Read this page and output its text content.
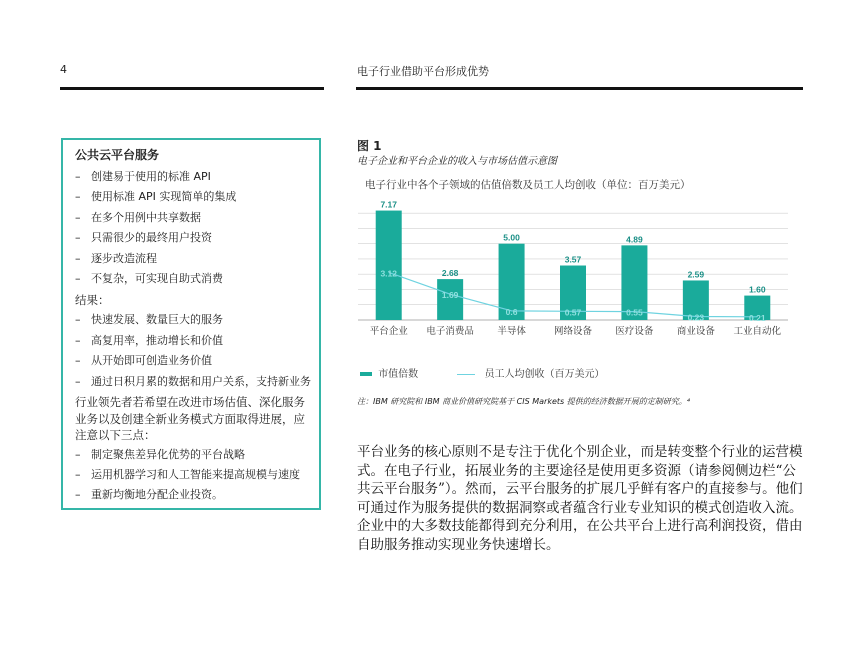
4	电子行业借助平台形成优势
公共云平台服务
– 创建易于使用的标准 API
– 使用标准 API 实现简单的集成
– 在多个用例中共享数据
– 只需很少的最终用户投资
– 逐步改造流程
– 不复杂，可实现自助式消费
结果：
– 快速发展、数量巨大的服务
– 高复用率，推动增长和价值
– 从开始即可创造业务价值
– 通过日积月累的数据和用户关系，支持新业务
行业领先者若希望在改进市场估值、深化服务业务以及创建全新业务模式方面取得进展，应注意以下三点：
– 制定聚焦差异化优势的平台战略
– 运用机器学习和人工智能来提高规模与速度
– 重新均衡地分配企业投资。
图 1
电子企业和平台企业的收入与市场估值示意图
电子行业中各个子领域的估值倍数及员工人均创收（单位：百万美元）
7.17
2.68
5.00
3.57
4.89
2.59
1.60
3.12
1.69
0.6	0.57	0.55	0.23	0.21
平台企业 电子消费品 半导体	网络设备 医疗设备 商业设备 工业自动化
市值倍数	员工人均创收（百万美元）
注：IBM 研究院和 IBM 商业价值研究院基于 CIS Markets 提供的经济数据开展的定制研究。⁴
平台业务的核心原则不是专注于优化个别企业，而是转变整个行业的运营模式。在电子行业，拓展业务的主要途径是使用更多资源（请参阅侧边栏“公共云平台服务”）。然而，云平台服务的扩展几乎鲜有客户的直接参与。他们可通过作为服务提供的数据洞察或者蕴含行业专业知识的模式创造收入流。企业中的大多数技能都得到充分利用，在公共平台上进行高利润投资，借由自助服务推动实现业务快速增长。
